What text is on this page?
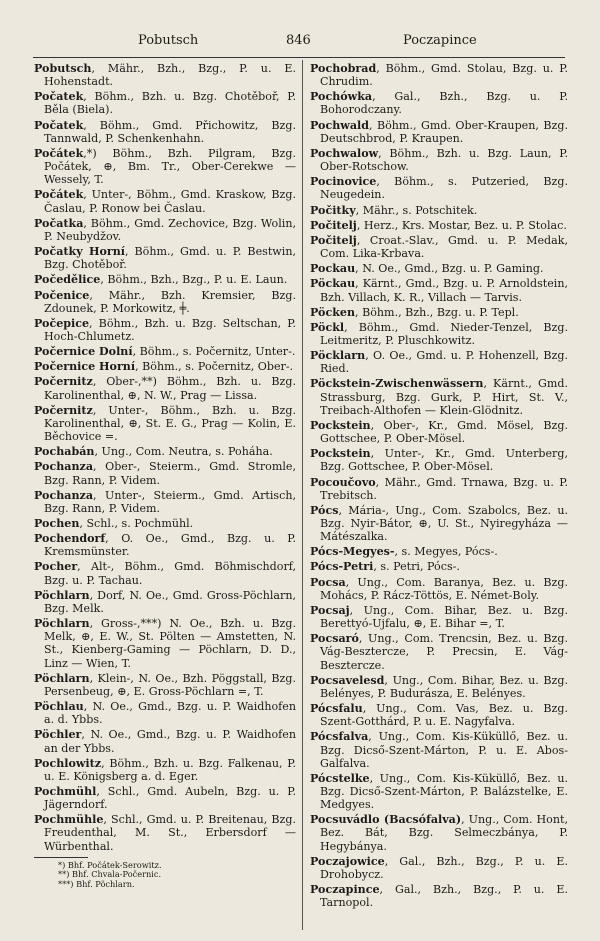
Pobutsch	846	Poczapince
Pobutsch, Mähr., Bzh., Bzg., P. u. E. Hohenstadt.
Počatek, Böhm., Bzh. u. Bzg. Chotěboř, P. Běla (Biela).
Počatek, Böhm., Gmd. Přichowitz, Bzg. Tannwald, P. Schenkenhahn.
Počátek,*) Böhm., Bzh. Pilgram, Bzg. Počátek, ⊕, Bm. Tr., Ober-Cerekwe — Wessely, T.
Počátek, Unter-, Böhm., Gmd. Kraskow, Bzg. Časlau, P. Ronow bei Časlau.
Počatka, Böhm., Gmd. Zechovice, Bzg. Wolin, P. Neubydžov.
Počatky Horní, Böhm., Gmd. u. P. Bestwin, Bzg. Chotěboř.
Počedělice, Böhm., Bzh., Bzg., P. u. E. Laun.
Počenice, Mähr., Bzh. Kremsier, Bzg. Zdounek, P. Morkowitz, ╪.
Počepice, Böhm., Bzh. u. Bzg. Seltschan, P. Hoch-Chlumetz.
Počernice Dolní, Böhm., s. Počernitz, Unter-.
Počernice Horní, Böhm., s. Počernitz, Ober-.
Počernitz, Ober-,**) Böhm., Bzh. u. Bzg. Karolinenthal, ⊕, N. W., Prag — Lissa.
Počernitz, Unter-, Böhm., Bzh. u. Bzg. Karolinenthal, ⊕, St. E. G., Prag — Kolin, E. Běchovice =.
Pochabán, Ung., Com. Neutra, s. Poháha.
Pochanza, Ober-, Steierm., Gmd. Stromle, Bzg. Rann, P. Videm.
Pochanza, Unter-, Steierm., Gmd. Artisch, Bzg. Rann, P. Videm.
Pochen, Schl., s. Pochmühl.
Pochendorf, O. Oe., Gmd., Bzg. u. P. Kremsmünster.
Pocher, Alt-, Böhm., Gmd. Böhmischdorf, Bzg. u. P. Tachau.
Pöchlarn, Dorf, N. Oe., Gmd. Gross-Pöchlarn, Bzg. Melk.
Pöchlarn, Gross-,***) N. Oe., Bzh. u. Bzg. Melk, ⊕, E. W., St. Pölten — Amstetten, N. St., Kienberg-Gaming — Pöchlarn, D. D., Linz — Wien, T.
Pöchlarn, Klein-, N. Oe., Bzh. Pöggstall, Bzg. Persenbeug, ⊕, E. Gross-Pöchlarn =, T.
Pöchlau, N. Oe., Gmd., Bzg. u. P. Waidhofen a. d. Ybbs.
Pöchler, N. Oe., Gmd., Bzg. u. P. Waidhofen an der Ybbs.
Pochlowitz, Böhm., Bzh. u. Bzg. Falkenau, P. u. E. Königsberg a. d. Eger.
Pochmühl, Schl., Gmd. Aubeln, Bzg. u. P. Jägerndorf.
Pochmühle, Schl., Gmd. u. P. Breitenau, Bzg. Freudenthal, M. St., Erbersdorf — Würbenthal.
*) Bhf. Počátek-Serowitz.
**) Bhf. Chvala-Počernic.
***) Bhf. Pöchlarn.
Pochobrad, Böhm., Gmd. Stolau, Bzg. u. P. Chrudim.
Pochówka, Gal., Bzh., Bzg. u. P. Bohorodczany.
Pochwald, Böhm., Gmd. Ober-Kraupen, Bzg. Deutschbrod, P. Kraupen.
Pochwalow, Böhm., Bzh. u. Bzg. Laun, P. Ober-Rotschow.
Pocinovice, Böhm., s. Putzeried, Bzg. Neugedein.
Počitky, Mähr., s. Potschitek.
Počitelj, Herz., Krs. Mostar, Bez. u. P. Stolac.
Počitelj, Croat.-Slav., Gmd. u. P. Medak, Com. Lika-Krbava.
Pockau, N. Oe., Gmd., Bzg. u. P. Gaming.
Pöckau, Kärnt., Gmd., Bzg. u. P. Arnoldstein, Bzh. Villach, K. R., Villach — Tarvis.
Pöcken, Böhm., Bzh., Bzg. u. P. Tepl.
Pöckl, Böhm., Gmd. Nieder-Tenzel, Bzg. Leitmeritz, P. Pluschkowitz.
Pöcklarn, O. Oe., Gmd. u. P. Hohenzell, Bzg. Ried.
Pöckstein-Zwischenwässern, Kärnt., Gmd. Strassburg, Bzg. Gurk, P. Hirt, St. V., Treibach-Althofen — Klein-Glödnitz.
Pockstein, Ober-, Kr., Gmd. Mösel, Bzg. Gottschee, P. Ober-Mösel.
Pockstein, Unter-, Kr., Gmd. Unterberg, Bzg. Gottschee, P. Ober-Mösel.
Pocoučovo, Mähr., Gmd. Trnawa, Bzg. u. P. Trebitsch.
Pócs, Mária-, Ung., Com. Szabolcs, Bez. u. Bzg. Nyir-Bátor, ⊕, U. St., Nyiregyháza — Mátészalka.
Pócs-Megyes-, s. Megyes, Pócs-.
Pócs-Petri, s. Petri, Pócs-.
Pocsa, Ung., Com. Baranya, Bez. u. Bzg. Mohács, P. Rácz-Töttös, E. Német-Boly.
Pocsaj, Ung., Com. Bihar, Bez. u. Bzg. Berettyó-Ujfalu, ⊕, E. Bihar =, T.
Pocsaró, Ung., Com. Trencsin, Bez. u. Bzg. Vág-Besztercze, P. Precsin, E. Vág-Besztercze.
Pocsavelesd, Ung., Com. Bihar, Bez. u. Bzg. Belényes, P. Budurásza, E. Belényes.
Pócsfalu, Ung., Com. Vas, Bez. u. Bzg. Szent-Gotthárd, P. u. E. Nagyfalva.
Pócsfalva, Ung., Com. Kis-Küküllő, Bez. u. Bzg. Dicső-Szent-Márton, P. u. E. Abos-Galfalva.
Pócstelke, Ung., Com. Kis-Küküllő, Bez. u. Bzg. Dicső-Szent-Márton, P. Balázstelke, E. Medgyes.
Pocsuvádlo (Bacsófalva), Ung., Com. Hont, Bez. Bát, Bzg. Selmeczbánya, P. Hegybánya.
Poczajowice, Gal., Bzh., Bzg., P. u. E. Drohobycz.
Poczapince, Gal., Bzh., Bzg., P. u. E. Tarnopol.
